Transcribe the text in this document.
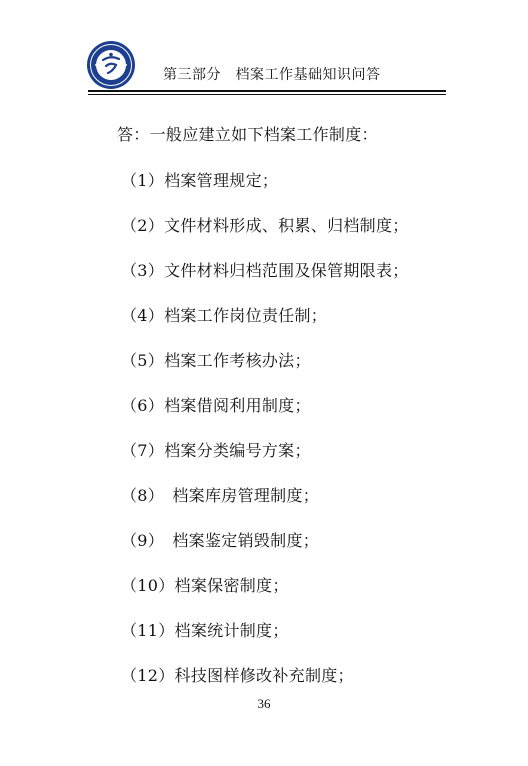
第三部分　档案工作基础知识问答
答：一般应建立如下档案工作制度：
（1）档案管理规定；
（2）文件材料形成、积累、归档制度；
（3）文件材料归档范围及保管期限表；
（4）档案工作岗位责任制；
（5）档案工作考核办法；
（6）档案借阅利用制度；
（7）档案分类编号方案；
（8）　档案库房管理制度；
（9）　档案鉴定销毁制度；
（10）档案保密制度；
（11）档案统计制度；
（12）科技图样修改补充制度；
36
